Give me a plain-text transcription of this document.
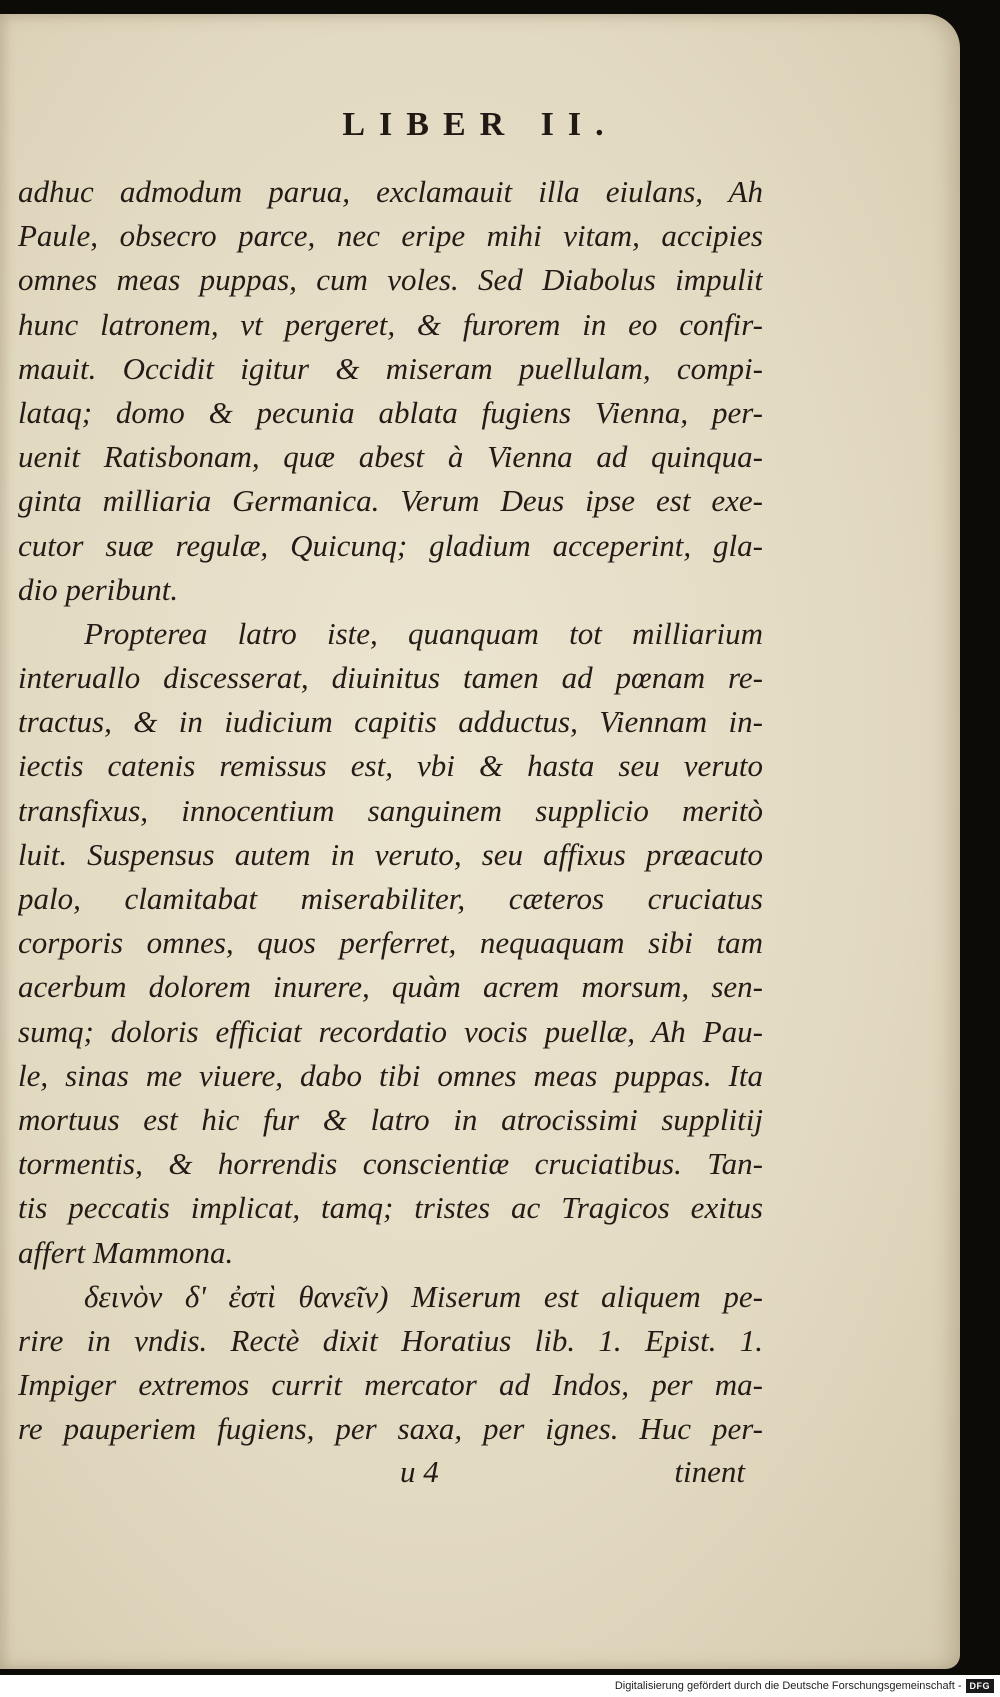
LIBER II.
adhuc admodum parua, exclamauit illa eiulans, Ah
Paule, obsecro parce, nec eripe mihi vitam, accipies
omnes meas puppas, cum voles. Sed Diabolus impulit
hunc latronem, vt pergeret, & furorem in eo confir-
mauit. Occidit igitur & miseram puellulam, compi-
lataq; domo & pecunia ablata fugiens Vienna, per-
uenit Ratisbonam, quæ abest à Vienna ad quinqua-
ginta milliaria Germanica. Verum Deus ipse est exe-
cutor suæ regulæ, Quicunq; gladium acceperint, gla-
dio peribunt.
Propterea latro iste, quanquam tot milliarium
interuallo discesserat, diuinitus tamen ad pœnam re-
tractus, & in iudicium capitis adductus, Viennam in-
iectis catenis remissus est, vbi & hasta seu veruto
transfixus, innocentium sanguinem supplicio meritò
luit. Suspensus autem in veruto, seu affixus præacuto
palo, clamitabat miserabiliter, cæteros cruciatus
corporis omnes, quos perferret, nequaquam sibi tam
acerbum dolorem inurere, quàm acrem morsum, sen-
sumq; doloris efficiat recordatio vocis puellæ, Ah Pau-
le, sinas me viuere, dabo tibi omnes meas puppas. Ita
mortuus est hic fur & latro in atrocissimi supplitij
tormentis, & horrendis conscientiæ cruciatibus. Tan-
tis peccatis implicat, tamq; tristes ac Tragicos exitus
affert Mammona.
δεινὸν δ' ἐστὶ θανεῖν) Miserum est aliquem pe-
rire in vndis. Rectè dixit Horatius lib. 1. Epist. 1.
Impiger extremos currit mercator ad Indos, per ma-
re pauperiem fugiens, per saxa, per ignes. Huc per-
u 4	tinent
Digitalisierung gefördert durch die Deutsche Forschungsgemeinschaft - DFG
